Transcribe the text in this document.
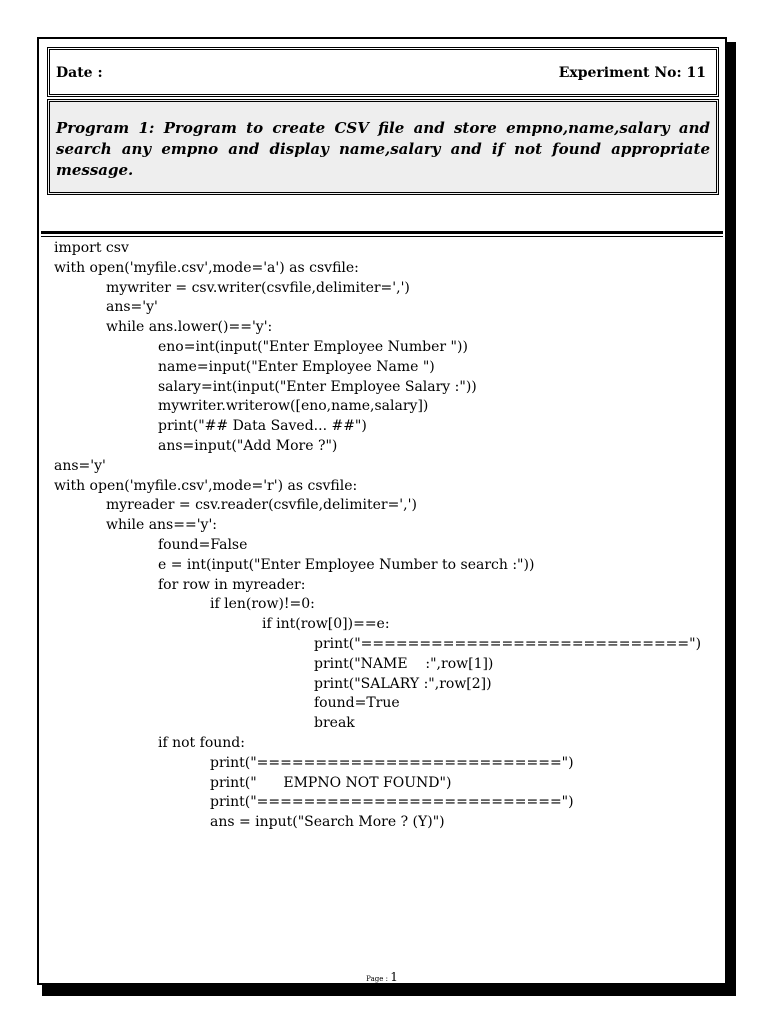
Date :	Experiment No: 11
Program 1: Program to create CSV file and store empno,name,salary and search any empno and display name,salary and if not found appropriate message.
import csv
with open('myfile.csv',mode='a') as csvfile:
mywriter = csv.writer(csvfile,delimiter=',')
ans='y'
while ans.lower()=='y':
eno=int(input("Enter Employee Number "))
name=input("Enter Employee Name ")
salary=int(input("Enter Employee Salary :"))
mywriter.writerow([eno,name,salary])
print("## Data Saved... ##")
ans=input("Add More ?")
ans='y'
with open('myfile.csv',mode='r') as csvfile:
myreader = csv.reader(csvfile,delimiter=',')
while ans=='y':
found=False
e = int(input("Enter Employee Number to search :"))
for row in myreader:
if len(row)!=0:
if int(row[0])==e:
print("============================")
print("NAME    :",row[1])
print("SALARY :",row[2])
found=True
break
if not found:
print("==========================")
print("      EMPNO NOT FOUND")
print("==========================")
ans = input("Search More ? (Y)")
Page : 1
